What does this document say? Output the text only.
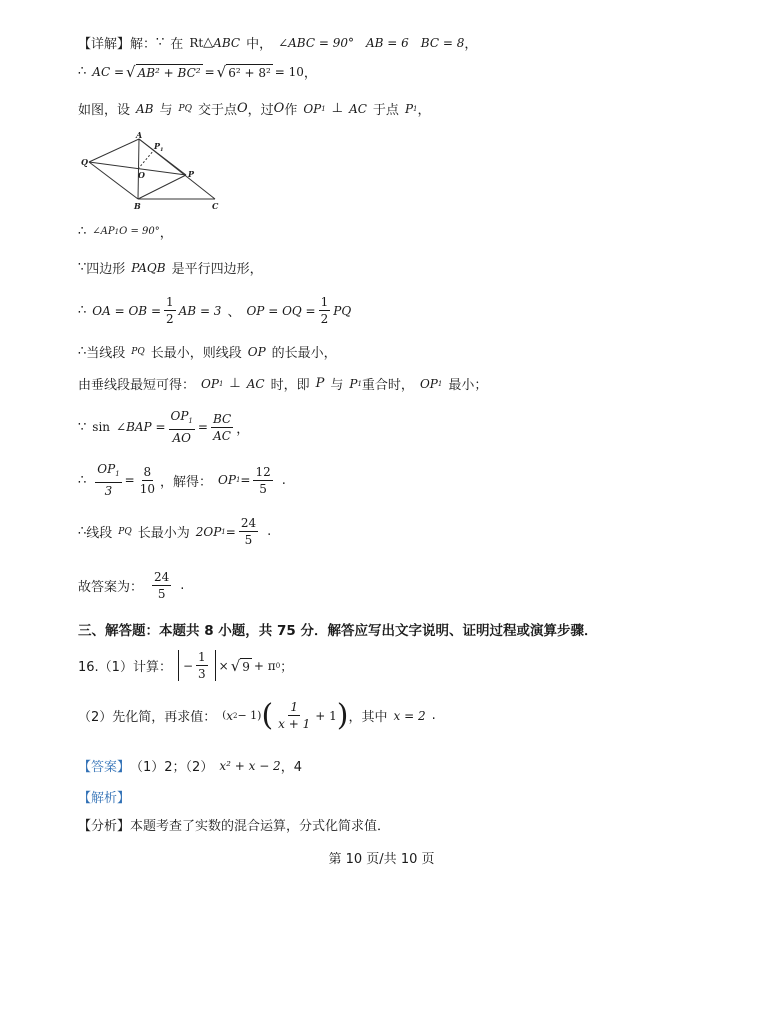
【详解】解： ∵ 在 Rt △ ABC 中， ∠ABC = 90° AB = 6 BC = 8 ，
∴ AC = √ AB² + BC² = √ 6² + 8² = 10 ，
如图，设 AB 与 PQ 交于点 O ，过 O 作 OP 1 ⊥ AC 于点 P 1 ，
A
Q
B	C
P
O
P 1
∴ ∠AP 1 O = 90° ，
∵ 四边形 PAQB 是平行四边形，
∴ OA = OB = $\frac{1}{2}$ AB = 3 、 OP = OQ = $\frac{1}{2}$ PQ
∴ 当线段 PQ 长最小，则线段 OP 的长最小，
由垂线段最短可得： OP 1 ⊥ AC 时，即 P 与 P 1 重合时， OP 1 最小；
∵ sin ∠BAP = $\frac{OP_1}{AO} = \frac{BC}{AC}$ ，
∴ $\frac{OP_1}{3} = \frac{8}{10}$ ，解得： OP $1 = \frac{12}{5}$ .
∴ 线段 PQ 长最小为 2OP $1 = \frac{24}{5}$ .
故答案为： $\frac{24}{5}$ .
三、解答题：本题共 8 小题，共 75 分．解答应写出文字说明、证明过程或演算步骤．
16.（1）计算： − $\frac{1}{3}$ × √ 9 + π 0 ；
（2）先化简，再求值： ( x 2 − 1) ( $\frac{1}{x + 1} + 1$ ) ，其中 x = 2 .
【答案】 （1）2；（2） x² + x − 2 ，4
【解析】
【分析】本题考查了实数的混合运算，分式化简求值．
第 10 页/共 10 页
